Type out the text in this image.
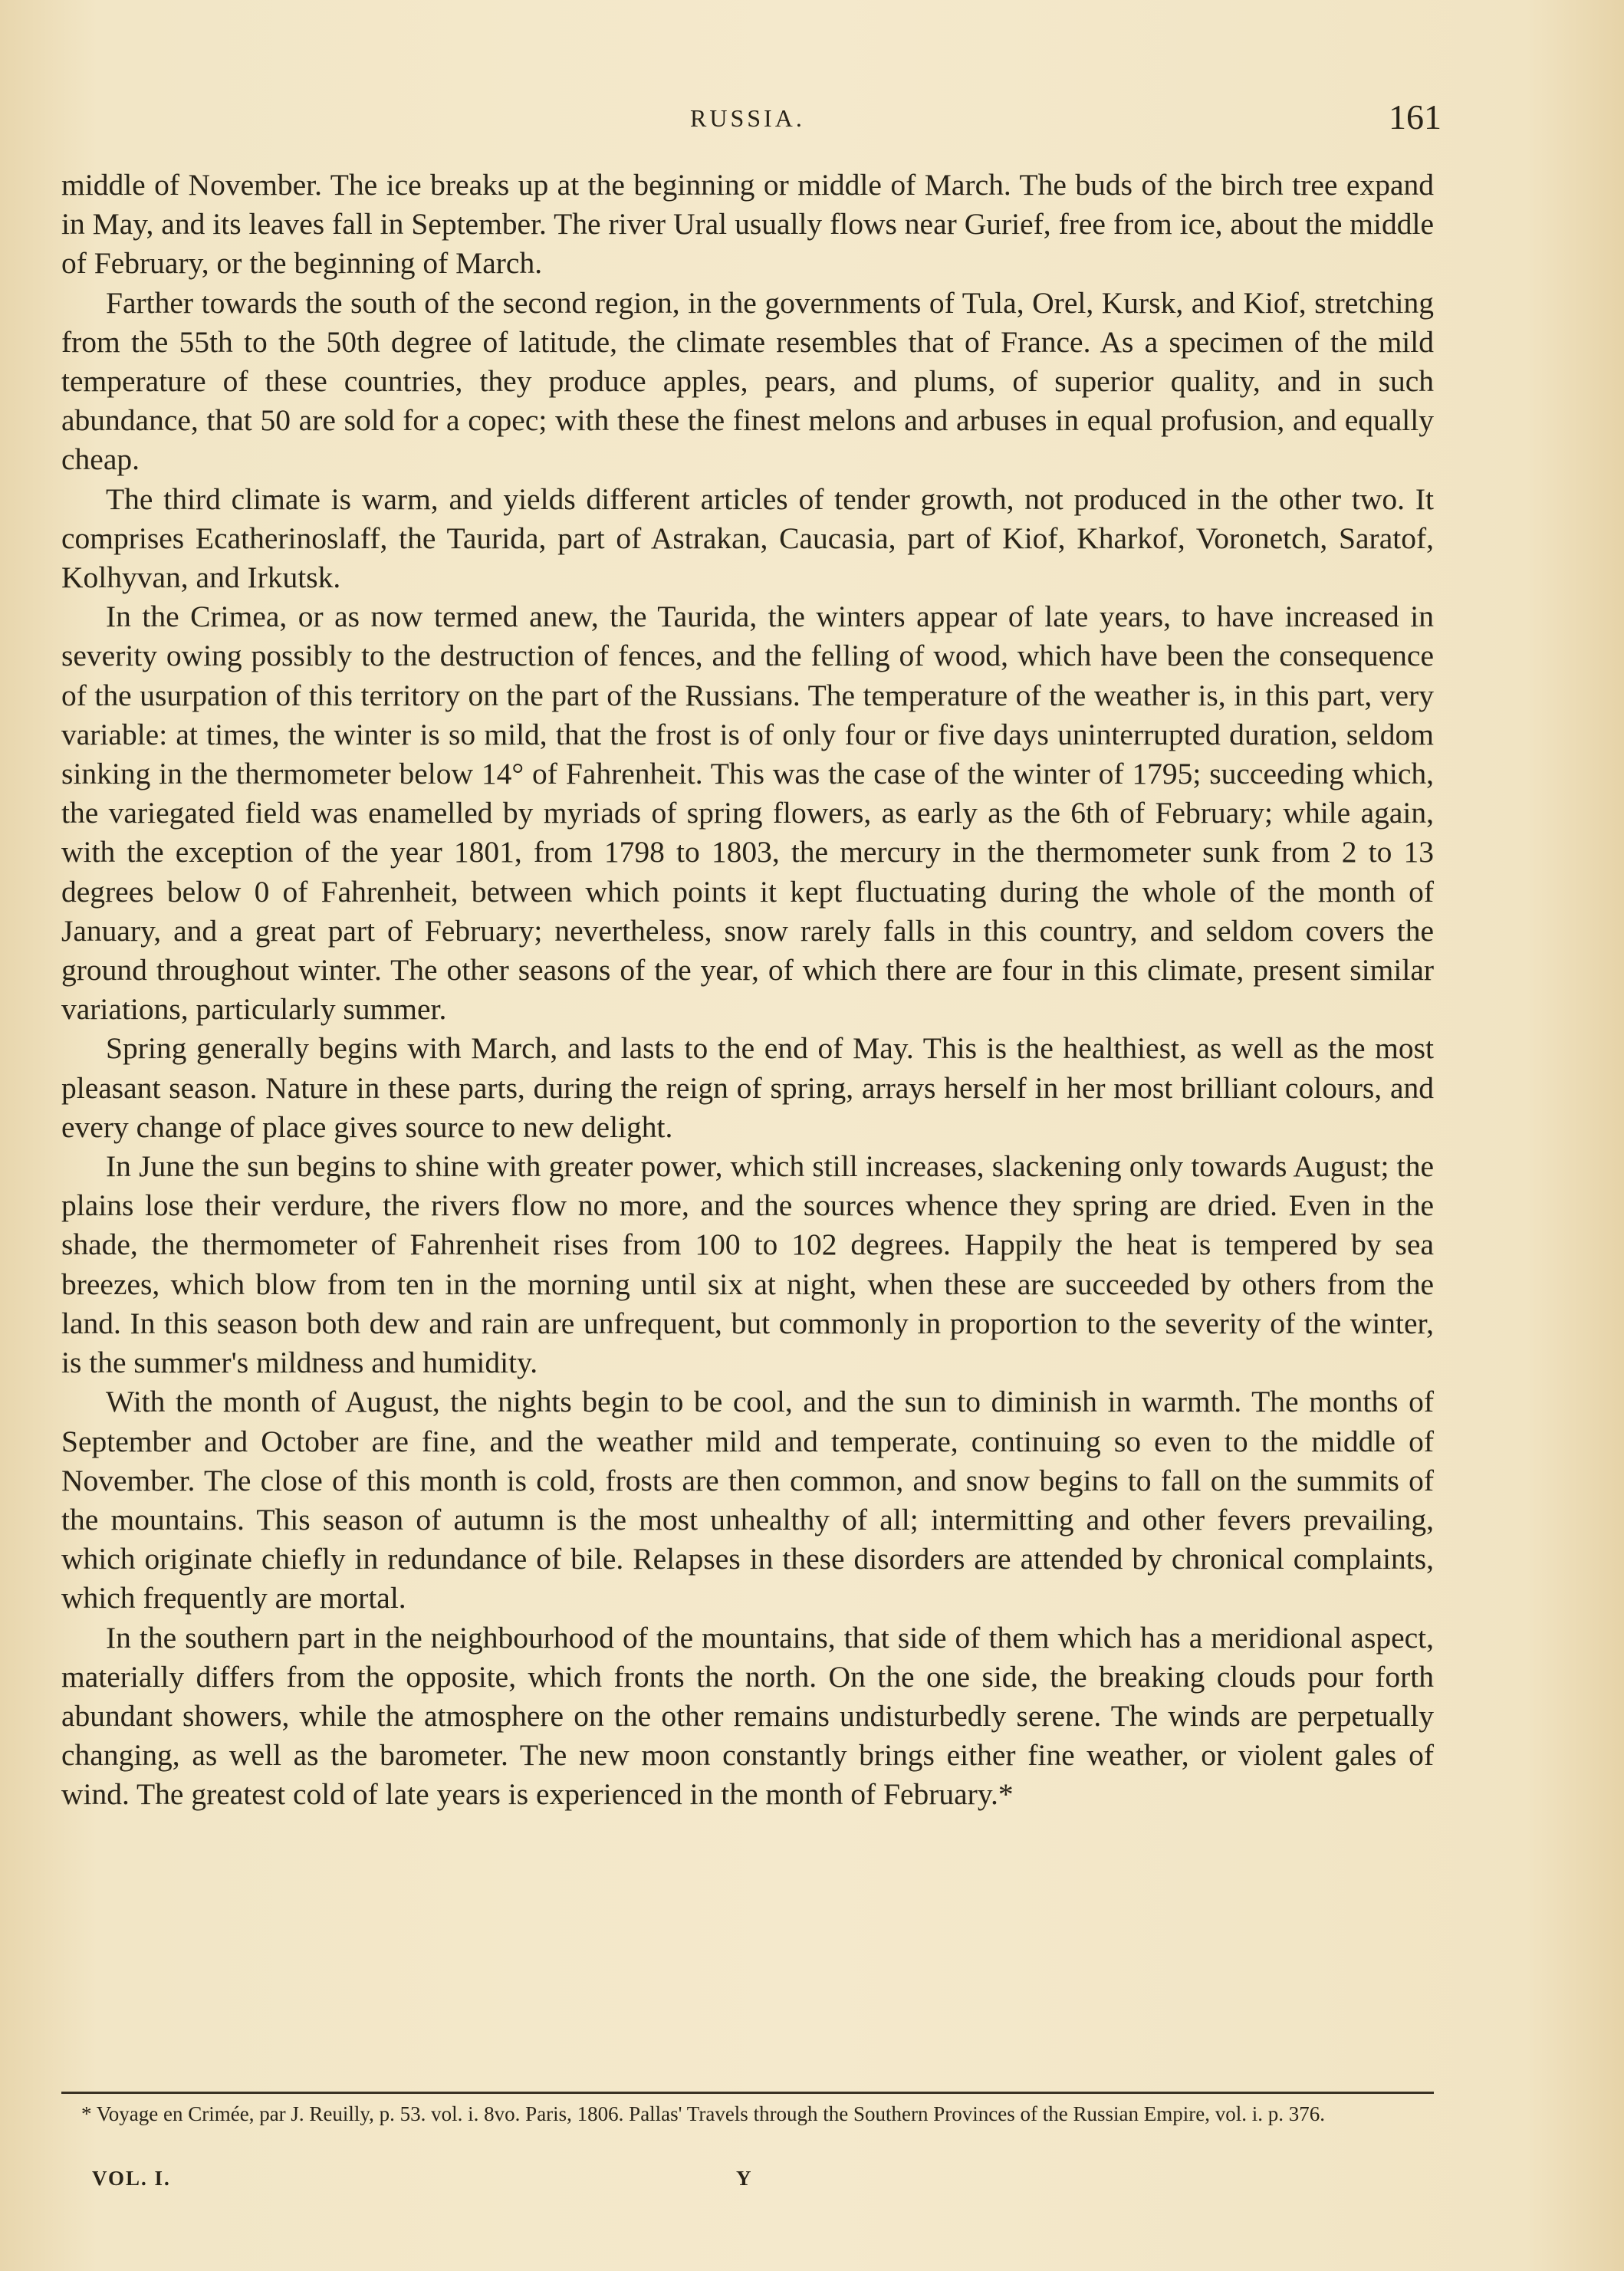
RUSSIA.	161

middle of November. The ice breaks up at the beginning or middle of March. The buds of the birch tree expand in May, and its leaves fall in September. The river Ural usually flows near Gurief, free from ice, about the middle of February, or the beginning of March.

Farther towards the south of the second region, in the governments of Tula, Orel, Kursk, and Kiof, stretching from the 55th to the 50th degree of latitude, the climate resembles that of France. As a specimen of the mild temperature of these countries, they produce apples, pears, and plums, of superior quality, and in such abundance, that 50 are sold for a copec; with these the finest melons and arbuses in equal profusion, and equally cheap.

The third climate is warm, and yields different articles of tender growth, not produced in the other two. It comprises Ecatherinoslaff, the Taurida, part of Astrakan, Caucasia, part of Kiof, Kharkof, Voronetch, Saratof, Kolhyvan, and Irkutsk.

In the Crimea, or as now termed anew, the Taurida, the winters appear of late years, to have increased in severity owing possibly to the destruction of fences, and the felling of wood, which have been the consequence of the usurpation of this territory on the part of the Russians. The temperature of the weather is, in this part, very variable: at times, the winter is so mild, that the frost is of only four or five days uninterrupted duration, seldom sinking in the thermometer below 14° of Fahrenheit. This was the case of the winter of 1795; succeeding which, the variegated field was enamelled by myriads of spring flowers, as early as the 6th of February; while again, with the exception of the year 1801, from 1798 to 1803, the mercury in the thermometer sunk from 2 to 13 degrees below 0 of Fahrenheit, between which points it kept fluctuating during the whole of the month of January, and a great part of February; nevertheless, snow rarely falls in this country, and seldom covers the ground throughout winter. The other seasons of the year, of which there are four in this climate, present similar variations, particularly summer.

Spring generally begins with March, and lasts to the end of May. This is the healthiest, as well as the most pleasant season. Nature in these parts, during the reign of spring, arrays herself in her most brilliant colours, and every change of place gives source to new delight.

In June the sun begins to shine with greater power, which still increases, slackening only towards August; the plains lose their verdure, the rivers flow no more, and the sources whence they spring are dried. Even in the shade, the thermometer of Fahrenheit rises from 100 to 102 degrees. Happily the heat is tempered by sea breezes, which blow from ten in the morning until six at night, when these are succeeded by others from the land. In this season both dew and rain are unfrequent, but commonly in proportion to the severity of the winter, is the summer's mildness and humidity.

With the month of August, the nights begin to be cool, and the sun to diminish in warmth. The months of September and October are fine, and the weather mild and temperate, continuing so even to the middle of November. The close of this month is cold, frosts are then common, and snow begins to fall on the summits of the mountains. This season of autumn is the most unhealthy of all; intermitting and other fevers prevailing, which originate chiefly in redundance of bile. Relapses in these disorders are attended by chronical complaints, which frequently are mortal.

In the southern part in the neighbourhood of the mountains, that side of them which has a meridional aspect, materially differs from the opposite, which fronts the north. On the one side, the breaking clouds pour forth abundant showers, while the atmosphere on the other remains undisturbedly serene. The winds are perpetually changing, as well as the barometer. The new moon constantly brings either fine weather, or violent gales of wind. The greatest cold of late years is experienced in the month of February.*

* Voyage en Crimée, par J. Reuilly, p. 53. vol. i. 8vo. Paris, 1806. Pallas' Travels through the Southern Provinces of the Russian Empire, vol. i. p. 376.

VOL. I.	Y
